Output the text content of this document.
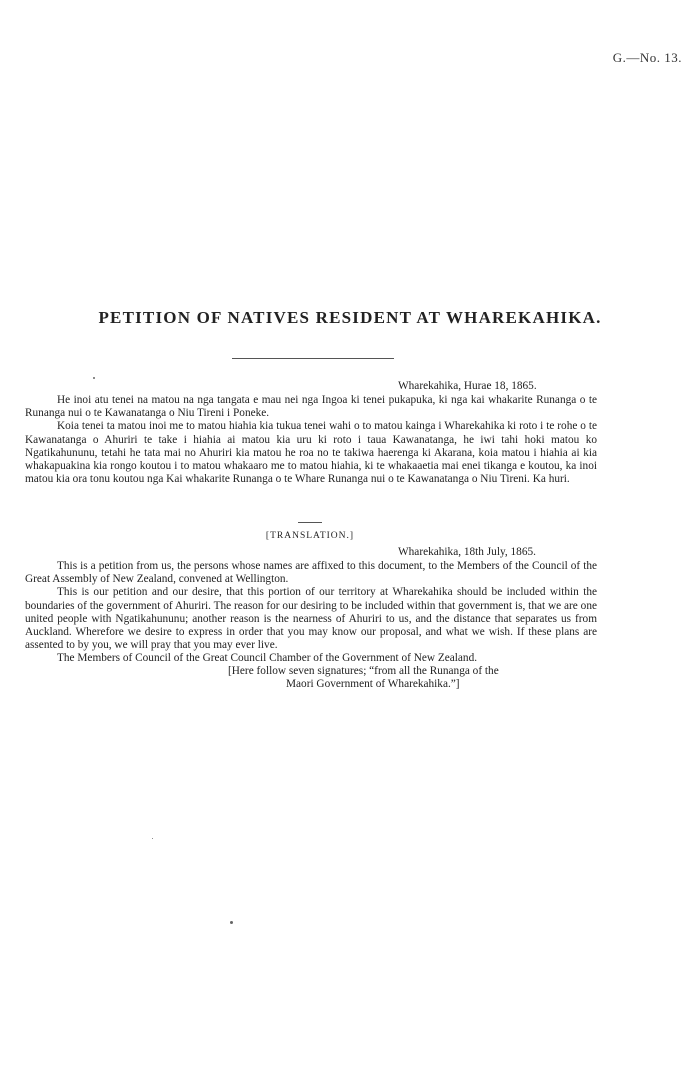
G.—No. 13.
PETITION OF NATIVES RESIDENT AT WHAREKAHIKA.
Wharekahika, Hurae 18, 1865.
He inoi atu tenei na matou na nga tangata e mau nei nga Ingoa ki tenei pukapuka, ki nga kai whakarite Runanga o te Runanga nui o te Kawanatanga o Niu Tireni i Poneke.
Koia tenei ta matou inoi me to matou hiahia kia tukua tenei wahi o to matou kainga i Wharekahika ki roto i te rohe o te Kawanatanga o Ahuriri te take i hiahia ai matou kia uru ki roto i taua Kawanatanga, he iwi tahi hoki matou ko Ngatikahununu, tetahi he tata mai no Ahuriri kia matou he roa no te takiwa haerenga ki Akarana, koia matou i hiahia ai kia whakapuakina kia rongo koutou i to matou whakaaro me to matou hiahia, ki te whakaaetia mai enei tikanga e koutou, ka inoi matou kia ora tonu koutou nga Kai whakarite Runanga o te Whare Runanga nui o te Kawanatanga o Niu Tireni. Ka huri.
[TRANSLATION.]
Wharekahika, 18th July, 1865.
This is a petition from us, the persons whose names are affixed to this document, to the Members of the Council of the Great Assembly of New Zealand, convened at Wellington.
This is our petition and our desire, that this portion of our territory at Wharekahika should be included within the boundaries of the government of Ahuriri. The reason for our desiring to be included within that government is, that we are one united people with Ngatikahununu; another reason is the nearness of Ahuriri to us, and the distance that separates us from Auckland. Wherefore we desire to express in order that you may know our proposal, and what we wish. If these plans are assented to by you, we will pray that you may ever live.
The Members of Council of the Great Council Chamber of the Government of New Zealand.
[Here follow seven signatures; “from all the Runanga of the
Maori Government of Wharekahika.”]
